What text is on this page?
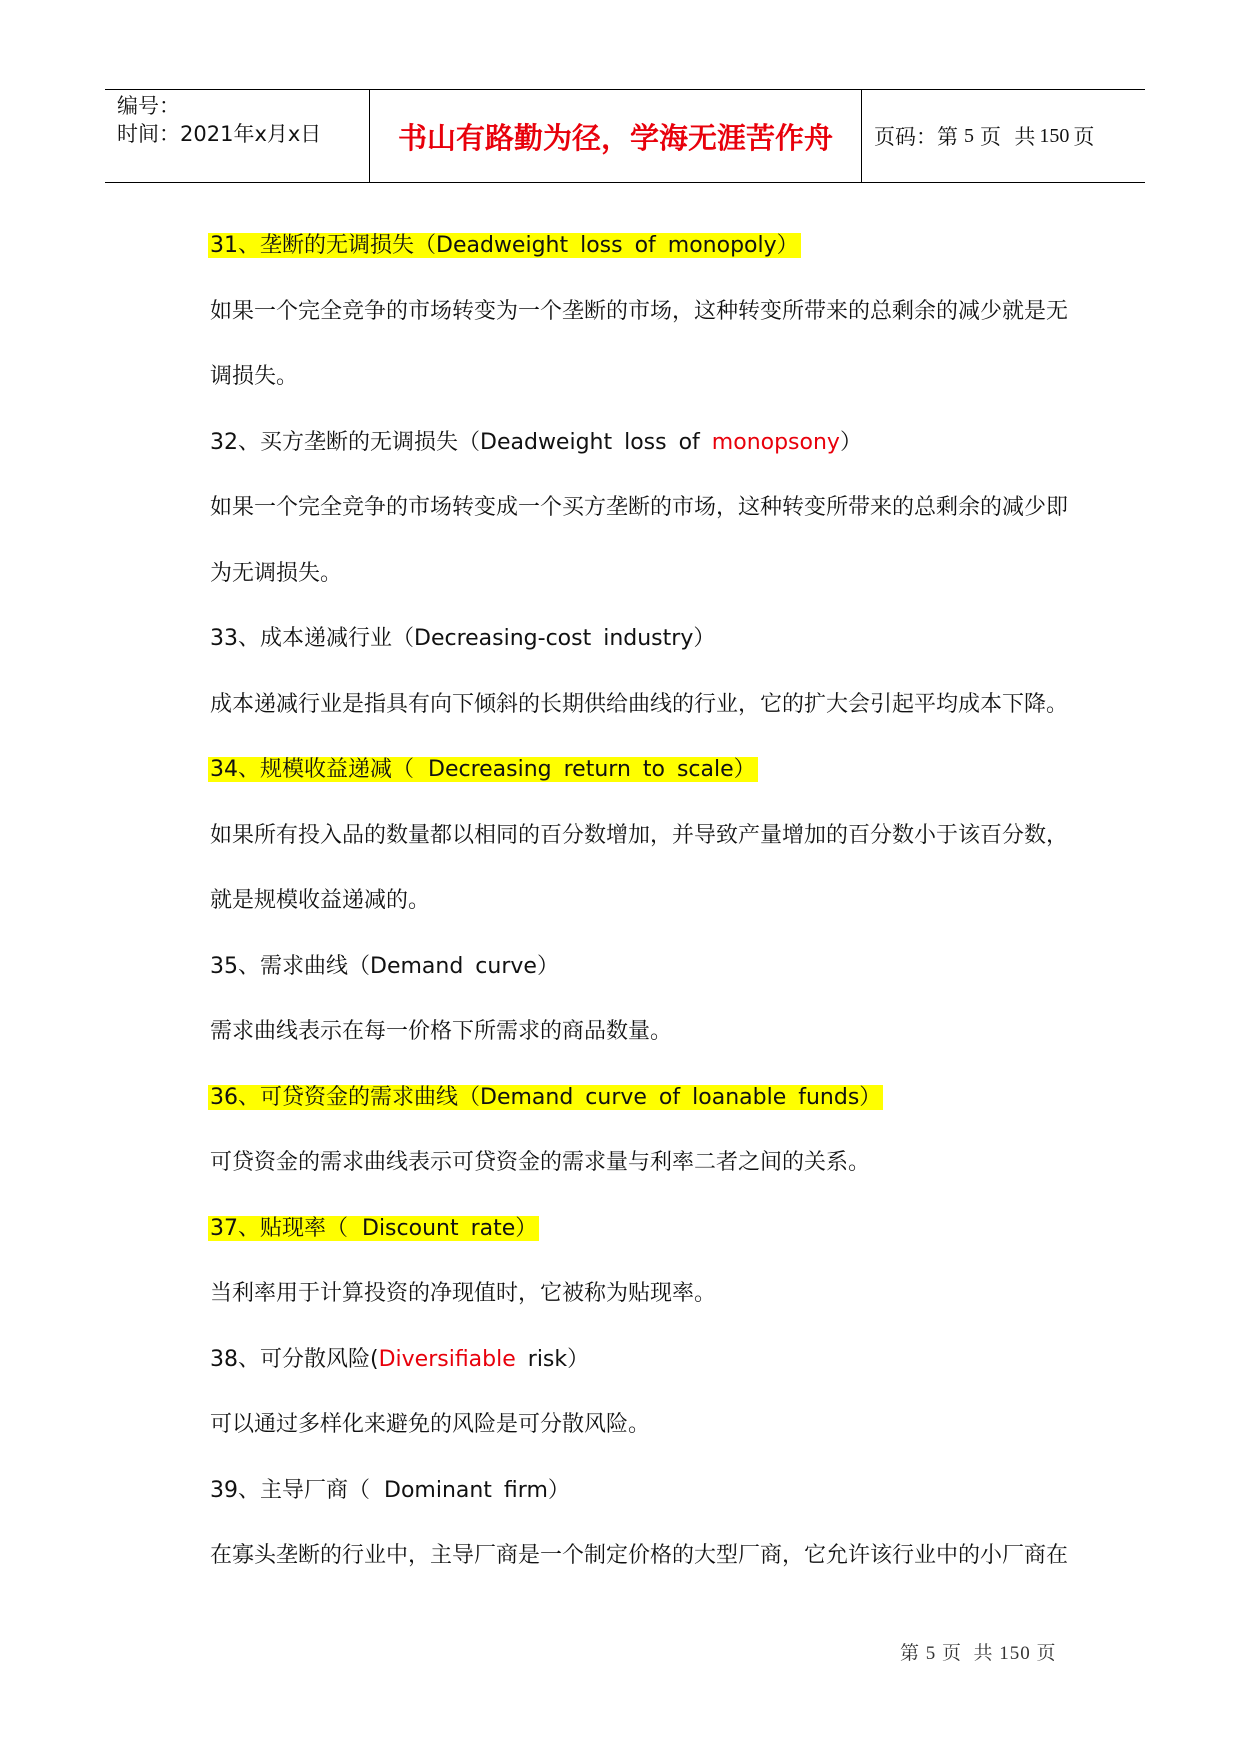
编号：
时间：2021年x月x日	书山有路勤为径，学海无涯苦作舟	页码：第 5 页  共 150 页
31、垄断的无调损失（Deadweight loss of monopoly）
如果一个完全竞争的市场转变为一个垄断的市场，这种转变所带来的总剩余的减少就是无
调损失。
32、买方垄断的无调损失（Deadweight loss of monopsony）
如果一个完全竞争的市场转变成一个买方垄断的市场，这种转变所带来的总剩余的减少即
为无调损失。
33、成本递减行业（Decreasing-cost industry）
成本递减行业是指具有向下倾斜的长期供给曲线的行业，它的扩大会引起平均成本下降。
34、规模收益递减（  Decreasing return to scale）
如果所有投入品的数量都以相同的百分数增加，并导致产量增加的百分数小于该百分数，
就是规模收益递减的。
35、需求曲线（Demand curve）
需求曲线表示在每一价格下所需求的商品数量。
36、可贷资金的需求曲线（Demand curve of loanable funds）
可贷资金的需求曲线表示可贷资金的需求量与利率二者之间的关系。
37、贴现率（  Discount rate）
当利率用于计算投资的净现值时，它被称为贴现率。
38、可分散风险(Diversifiable risk）
可以通过多样化来避免的风险是可分散风险。
39、主导厂商（  Dominant firm）
在寡头垄断的行业中，主导厂商是一个制定价格的大型厂商，它允许该行业中的小厂商在
第 5 页  共 150 页
